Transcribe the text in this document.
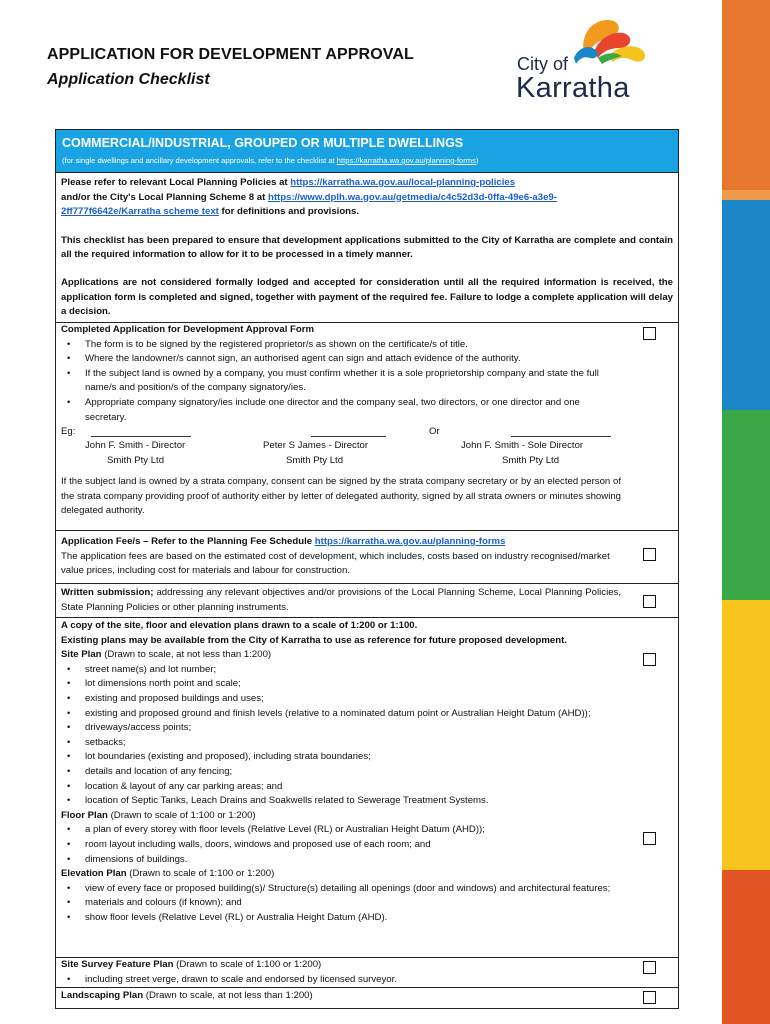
APPLICATION FOR DEVELOPMENT APPROVAL
Application Checklist
City of
Karratha
COMMERCIAL/INDUSTRIAL, GROUPED OR MULTIPLE DWELLINGS
(for single dwellings and ancillary development approvals, refer to the checklist at https://karratha.wa.gov.au/planning-forms)
Please refer to relevant Local Planning Policies at https://karratha.wa.gov.au/local-planning-policies
and/or the City's Local Planning Scheme 8 at https://www.dplh.wa.gov.au/getmedia/c4c52d3d-0ffa-49e6-a3e9-
2ff777f6642e/Karratha scheme text for definitions and provisions.
This checklist has been prepared to ensure that development applications submitted to the City of Karratha are complete and contain all the required information to allow for it to be processed in a timely manner.
Applications are not considered formally lodged and accepted for consideration until all the required information is received, the application form is completed and signed, together with payment of the required fee. Failure to lodge a complete application will delay a decision.
Completed Application for Development Approval Form
• The form is to be signed by the registered proprietor/s as shown on the certificate/s of title.
• Where the landowner/s cannot sign, an authorised agent can sign and attach evidence of the authority.
• If the subject land is owned by a company, you must confirm whether it is a sole proprietorship company and state the full name/s and position/s of the company signatory/ies.
• Appropriate company signatory/ies include one director and the company seal, two directors, or one director and one secretary.
Eg:	Or
John F. Smith - Director
Smith Pty Ltd
Peter S James - Director
Smith Pty Ltd
John F. Smith - Sole Director
Smith Pty Ltd
If the subject land is owned by a strata company, consent can be signed by the strata company secretary or by an elected person of the strata company providing proof of authority either by letter of delegated authority, signed by all strata owners or minutes showing delegated authority.
Application Fee/s – Refer to the Planning Fee Schedule https://karratha.wa.gov.au/planning-forms
The application fees are based on the estimated cost of development, which includes, costs based on industry recognised/market value prices, including cost for materials and labour for construction.
Written submission; addressing any relevant objectives and/or provisions of the Local Planning Scheme, Local Planning Policies, State Planning Policies or other planning instruments.
A copy of the site, floor and elevation plans drawn to a scale of 1:200 or 1:100.
Existing plans may be available from the City of Karratha to use as reference for future proposed development.
Site Plan (Drawn to scale, at not less than 1:200)
• street name(s) and lot number;
• lot dimensions north point and scale;
• existing and proposed buildings and uses;
• existing and proposed ground and finish levels (relative to a nominated datum point or Australian Height Datum (AHD));
• driveways/access points;
• setbacks;
• lot boundaries (existing and proposed), including strata boundaries;
• details and location of any fencing;
• location & layout of any car parking areas; and
• location of Septic Tanks, Leach Drains and Soakwells related to Sewerage Treatment Systems.
Floor Plan (Drawn to scale of 1:100 or 1:200)
• a plan of every storey with floor levels (Relative Level (RL) or Australian Height Datum (AHD));
• room layout including walls, doors, windows and proposed use of each room; and
• dimensions of buildings.
Elevation Plan (Drawn to scale of 1:100 or 1:200)
• view of every face or proposed building(s)/ Structure(s) detailing all openings (door and windows) and architectural features;
• materials and colours (if known); and
• show floor levels (Relative Level (RL) or Australia Height Datum (AHD).
Site Survey Feature Plan (Drawn to scale of 1:100 or 1:200)
• including street verge, drawn to scale and endorsed by licensed surveyor.
Landscaping Plan (Drawn to scale, at not less than 1:200)
